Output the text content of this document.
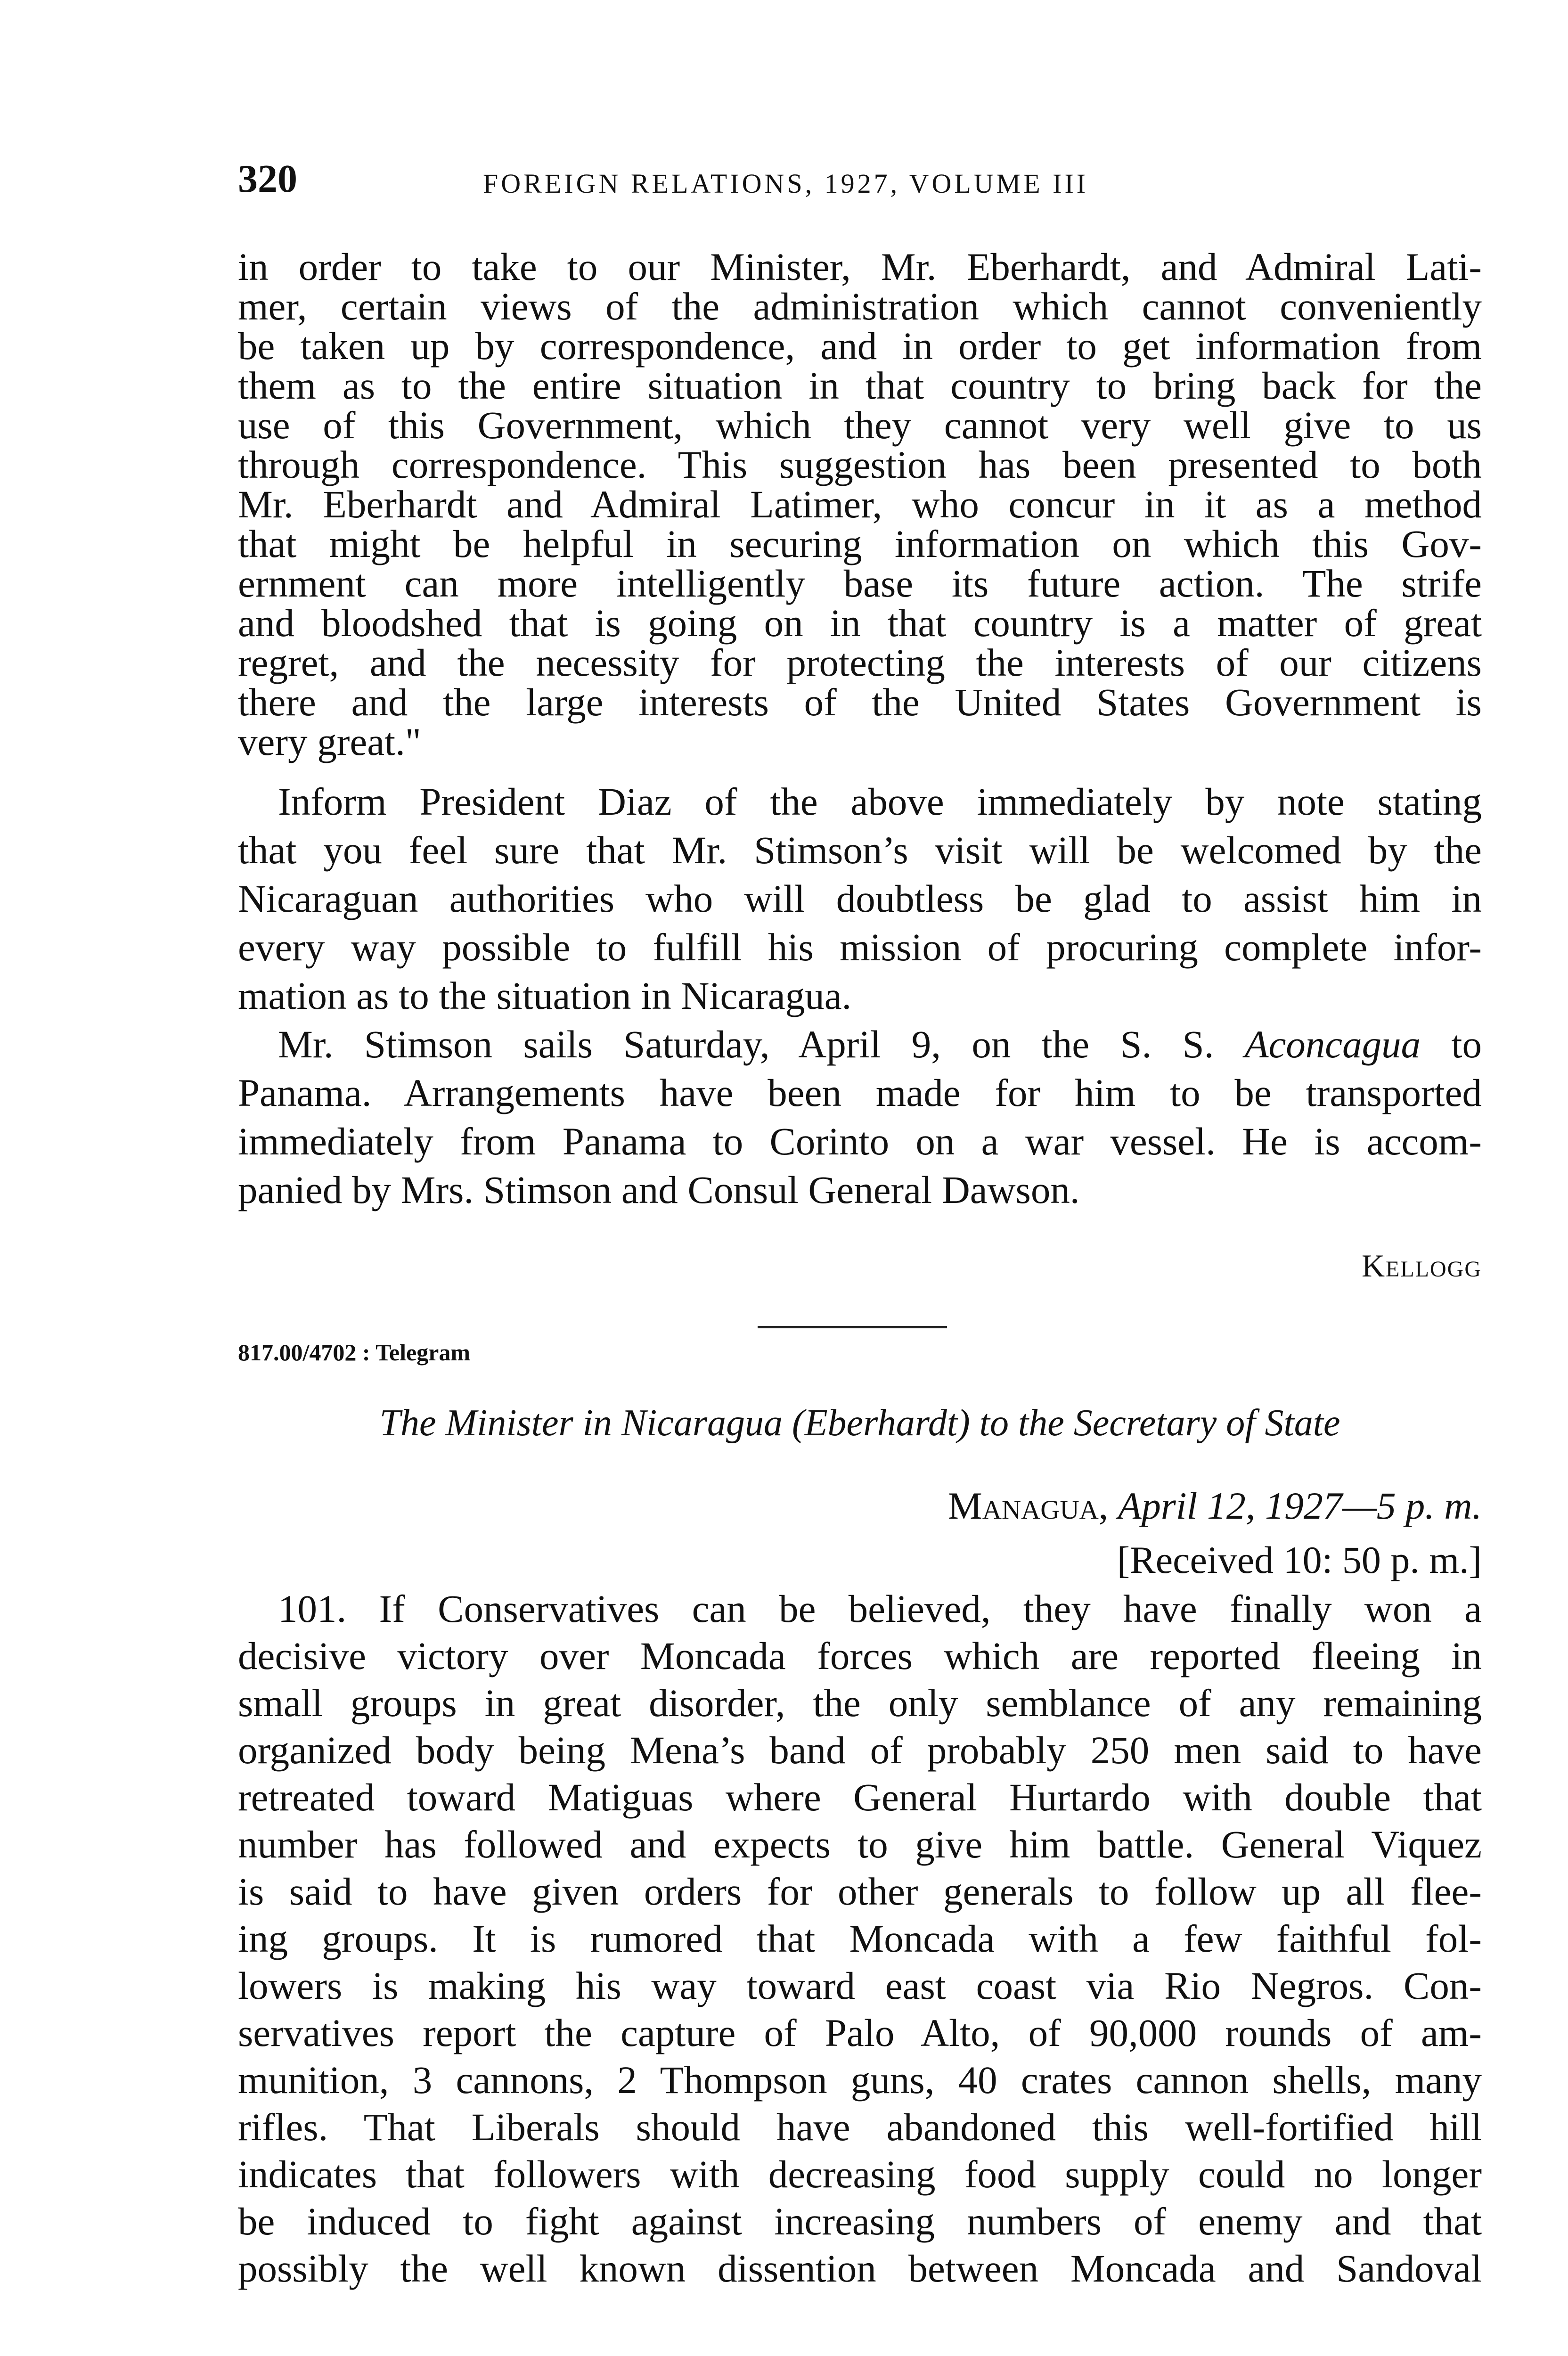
320	FOREIGN RELATIONS, 1927, VOLUME III
in order to take to our Minister, Mr. Eberhardt, and Admiral Lati-
mer, certain views of the administration which cannot conveniently
be taken up by correspondence, and in order to get information from
them as to the entire situation in that country to bring back for the
use of this Government, which they cannot very well give to us
through correspondence. This suggestion has been presented to both
Mr. Eberhardt and Admiral Latimer, who concur in it as a method
that might be helpful in securing information on which this Gov-
ernment can more intelligently base its future action. The strife
and bloodshed that is going on in that country is a matter of great
regret, and the necessity for protecting the interests of our citizens
there and the large interests of the United States Government is
very great."
Inform President Diaz of the above immediately by note stating
that you feel sure that Mr. Stimson’s visit will be welcomed by the
Nicaraguan authorities who will doubtless be glad to assist him in
every way possible to fulfill his mission of procuring complete infor-
mation as to the situation in Nicaragua.
Mr. Stimson sails Saturday, April 9, on the S. S. Aconcagua to
Panama. Arrangements have been made for him to be transported
immediately from Panama to Corinto on a war vessel. He is accom-
panied by Mrs. Stimson and Consul General Dawson.
Kellogg
817.00/4702 : Telegram
The Minister in Nicaragua (Eberhardt) to the Secretary of State
Managua, April 12, 1927—5 p. m.
[Received 10: 50 p. m.]
101. If Conservatives can be believed, they have finally won a
decisive victory over Moncada forces which are reported fleeing in
small groups in great disorder, the only semblance of any remaining
organized body being Mena’s band of probably 250 men said to have
retreated toward Matiguas where General Hurtardo with double that
number has followed and expects to give him battle. General Viquez
is said to have given orders for other generals to follow up all flee-
ing groups. It is rumored that Moncada with a few faithful fol-
lowers is making his way toward east coast via Rio Negros. Con-
servatives report the capture of Palo Alto, of 90,000 rounds of am-
munition, 3 cannons, 2 Thompson guns, 40 crates cannon shells, many
rifles. That Liberals should have abandoned this well-fortified hill
indicates that followers with decreasing food supply could no longer
be induced to fight against increasing numbers of enemy and that
possibly the well known dissention between Moncada and Sandoval
